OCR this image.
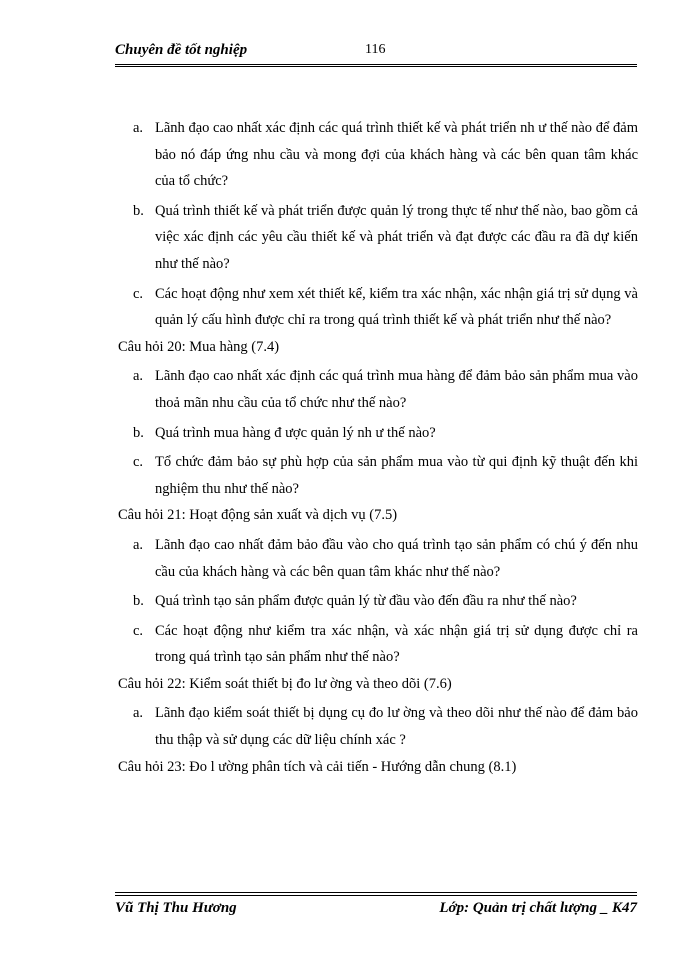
Chuyên đề tốt nghiệp	116
a. Lãnh đạo cao nhất xác định các quá trình thiết kế và phát triển nh ư thế nào để đảm bảo nó đáp ứng nhu cầu và mong đợi của khách hàng và các bên quan tâm khác của tổ chức?
b. Quá trình thiết kế và phát triển được quản lý trong thực tế như thế nào, bao gồm cả việc xác định các yêu cầu thiết kế và phát triển và đạt được các đầu ra đã dự kiến như thế nào?
c. Các hoạt động như xem xét thiết kế, kiểm tra xác nhận, xác nhận giá trị sử dụng và quản lý cấu hình được chỉ ra trong quá trình thiết kế và phát triển như thế nào?

Câu hỏi 20: Mua hàng (7.4)

a. Lãnh đạo cao nhất xác định các quá trình mua hàng để đảm bảo sản phẩm mua vào thoả mãn nhu cầu của tổ chức như thế nào?
b. Quá trình mua hàng đ ược quản lý nh ư thế nào?
c. Tổ chức đảm bảo sự phù hợp của sản phẩm mua vào từ qui định kỹ thuật đến khi nghiệm thu như thế nào?

Câu hỏi 21: Hoạt động sản xuất và dịch vụ (7.5)

a. Lãnh đạo cao nhất đảm bảo đầu vào cho quá trình tạo sản phẩm có chú ý đến nhu cầu của khách hàng và các bên quan tâm khác như thế nào?
b. Quá trình tạo sản phẩm được quản lý từ đầu vào đến đầu ra như thế nào?
c. Các hoạt động như kiểm tra xác nhận, và xác nhận giá trị sử dụng được chỉ ra trong quá trình tạo sản phẩm như thế nào?

Câu hỏi 22: Kiểm soát thiết bị đo lư ờng và theo dõi (7.6)

a. Lãnh đạo kiểm soát thiết bị dụng cụ đo lư ờng và theo dõi như thế nào để đảm bảo thu thập và sử dụng các dữ liệu chính xác ?

Câu hỏi 23: Đo l ường phân tích và cải tiến - Hướng dẫn chung (8.1)

Vũ Thị Thu Hương	Lớp: Quản trị chất lượng _ K47
